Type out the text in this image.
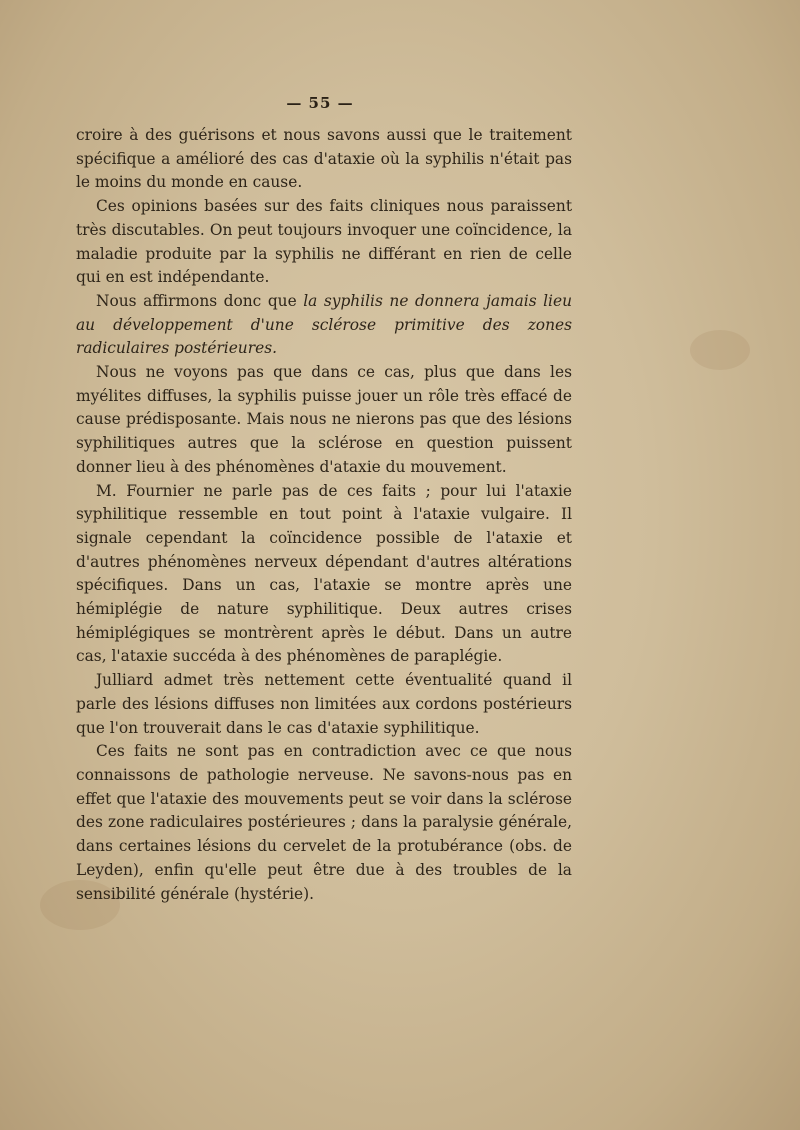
— 55 —

croire à des guérisons et nous savons aussi que le traitement spécifique a amélioré des cas d'ataxie où la syphilis n'était pas le moins du monde en cause.

Ces opinions basées sur des faits cliniques nous paraissent très discutables. On peut toujours invoquer une coïncidence, la maladie produite par la syphilis ne différant en rien de celle qui en est indépendante.

Nous affirmons donc que la syphilis ne donnera jamais lieu au développement d'une sclérose primitive des zones radiculaires postérieures.

Nous ne voyons pas que dans ce cas, plus que dans les myélites diffuses, la syphilis puisse jouer un rôle très effacé de cause prédisposante. Mais nous ne nierons pas que des lésions syphilitiques autres que la sclérose en question puissent donner lieu à des phénomènes d'ataxie du mouvement.

M. Fournier ne parle pas de ces faits ; pour lui l'ataxie syphilitique ressemble en tout point à l'ataxie vulgaire. Il signale cependant la coïncidence possible de l'ataxie et d'autres phénomènes nerveux dépendant d'autres altérations spécifiques. Dans un cas, l'ataxie se montre après une hémiplégie de nature syphilitique. Deux autres crises hémiplégiques se montrèrent après le début. Dans un autre cas, l'ataxie succéda à des phénomènes de paraplégie.

Julliard admet très nettement cette éventualité quand il parle des lésions diffuses non limitées aux cordons postérieurs que l'on trouverait dans le cas d'ataxie syphilitique.

Ces faits ne sont pas en contradiction avec ce que nous connaissons de pathologie nerveuse. Ne savons-nous pas en effet que l'ataxie des mouvements peut se voir dans la sclérose des zone radiculaires postérieures ; dans la paralysie générale, dans certaines lésions du cervelet de la protubérance (obs. de Leyden), enfin qu'elle peut être due à des troubles de la sensibilité générale (hystérie).
